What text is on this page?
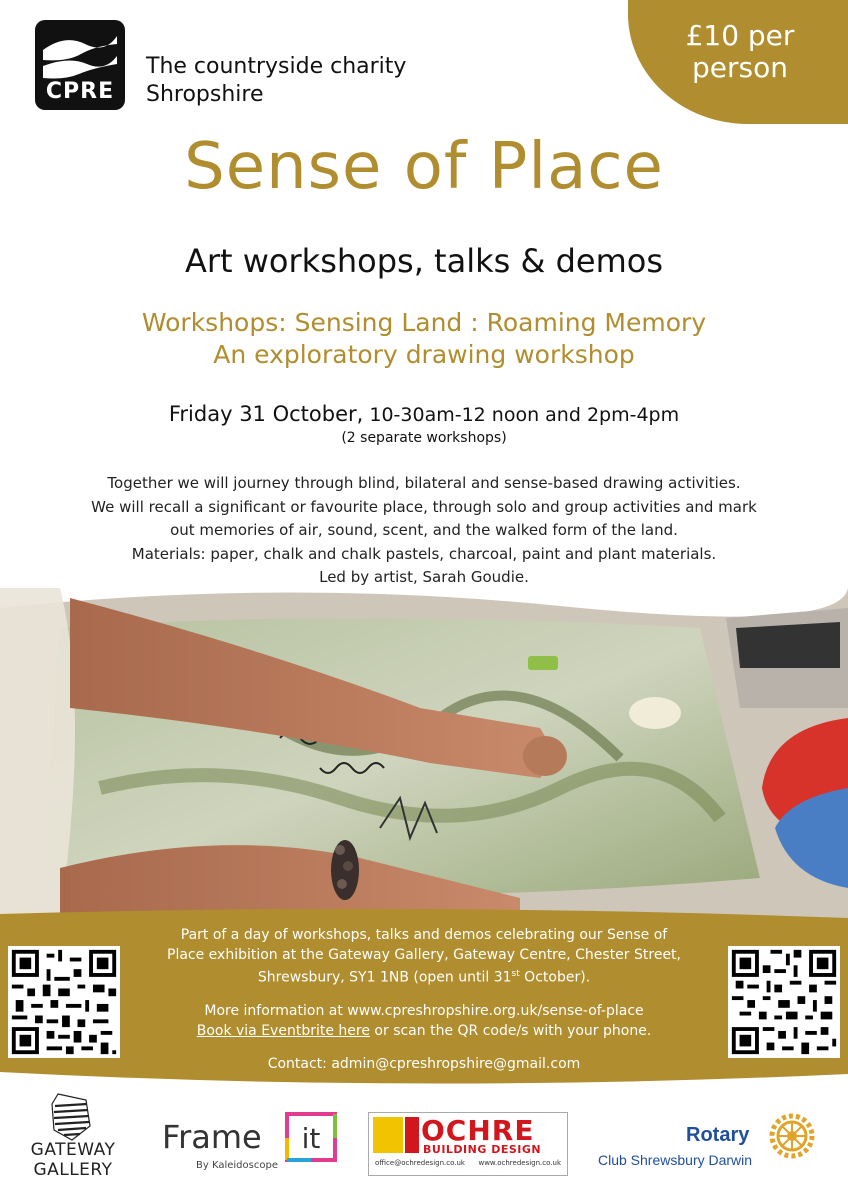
CPRE
The countryside charity
Shropshire
£10 per
person
Sense of Place
Art workshops, talks & demos
Workshops: Sensing Land : Roaming Memory
An exploratory drawing workshop
Friday 31 October, 10-30am-12 noon and 2pm-4pm
(2 separate workshops)
Together we will journey through blind, bilateral and sense-based drawing activities.
We will recall a significant or favourite place, through solo and group activities and mark
out memories of air, sound, scent, and the walked form of the land.
Materials: paper, chalk and chalk pastels, charcoal, paint and plant materials.
Led by artist, Sarah Goudie.
Part of a day of workshops, talks and demos celebrating our Sense of
Place exhibition at the Gateway Gallery, Gateway Centre, Chester Street,
Shrewsbury, SY1 1NB (open until 31st October).
More information at www.cpreshropshire.org.uk/sense-of-place
Book via Eventbrite here or scan the QR code/s with your phone.
Contact: admin@cpreshropshire@gmail.com
GATEWAY
GALLERY
Frame it
By Kaleidoscope
OCHRE
BUILDING DESIGN
office@ochredesign.co.uk www.ochredesign.co.uk
Rotary
Club Shrewsbury Darwin
